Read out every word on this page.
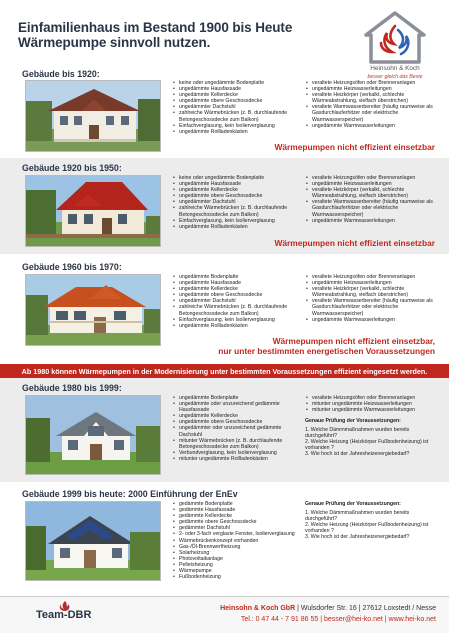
Einfamilienhaus im Bestand 1900 bis Heute
Wärmepumpe sinnvoll nutzen.
Heinsohn & Koch
besser gleich das Beste
Gebäude bis 1920:
• keine oder ungedämmte Bodenplatte
• ungedämmte Hausfassade
• ungedämmte Kellerdecke
• ungedämmte obere Geschossdecke
• ungedämmter Dachstuhl
• zahlreiche Wärmebrücken (z. B. durchlaufende Betongeschossdecke zum Balkon)
• Einfachverglasung, kein Isolierverglasung
• ungedämmte Rollladenkästen
• veraltete Heizungsöfen oder Brenneranlagen
• ungedämmte Heizwasserleitungen
• veraltete Heizkörper (verkalkt, schlechte Wärmeabstrahlung, vielfach überstrichen)
• veraltete Warmwasserbereiter (häufig raumweise als Gasdurchlauferhitzer oder elektrische Warmwasserspeicher)
• ungedämmte Warmwasserleitungen
Wärmepumpen nicht effizient einsetzbar
Gebäude 1920 bis 1950:
• keine oder ungedämmte Bodenplatte
• ungedämmte Hausfassade
• ungedämmte Kellerdecke
• ungedämmte obere Geschossdecke
• ungedämmter Dachstuhl
• zahlreiche Wärmebrücken (z. B. durchlaufende Betongeschossdecke zum Balkon)
• Einfachverglasung, kein Isolierverglasung
• ungedämmte Rollladenkästen
• veraltete Heizungsöfen oder Brenneranlagen
• ungedämmte Heizwasserleitungen
• veraltete Heizkörper (verkalkt, schlechte Wärmeabstrahlung, vielfach überstrichen)
• veraltete Warmwasserbereiter (häufig raumweise als Gasdurchlauferhitzer oder elektrische Warmwasserspeicher)
• ungedämmte Warmwasserleitungen
Wärmepumpen nicht effizient einsetzbar
Gebäude 1960 bis 1970:
• ungedämmte Bodenplatte
• ungedämmte Hausfassade
• ungedämmte Kellerdecke
• ungedämmte obere Geschossdecke
• ungedämmter Dachstuhl
• zahlreiche Wärmebrücken (z. B. durchlaufende Betongeschossdecke zum Balkon)
• Einfachverglasung, kein Isolierverglasung
• ungedämmte Rollladenkästen
• veraltete Heizungsöfen oder Brenneranlagen
• ungedämmte Heizwasserleitungen
• veraltete Heizkörper (verkalkt, schlechte Wärmeabstrahlung, vielfach überstrichen)
• veraltete Warmwasserbereiter (häufig raumweise als Gasdurchlauferhitzer oder elektrische Warmwasserspeicher)
• ungedämmte Warmwasserleitungen
Wärmepumpen nicht effizient einsetzbar,
nur unter bestimmten energetischen Voraussetzungen
Ab 1980 können Wärmepumpen in der Modernisierung unter bestimmten Voraussetzungen effizient eingesetzt werden.
Gebäude 1980 bis 1999:
• ungedämmte Bodenplatte
• ungedämmte oder unzureichend gedämmte Hausfassade
• ungedämmte Kellerdecke
• ungedämmte obere Geschossdecke
• ungedämmter oder unzureichend gedämmte Dachstuhl
• mitunter Wärmebrücken (z. B. durchlaufende Betongeschossdecke zum Balkon)
• Verbundverglasung, kein Isolierverglasung
• mitunter ungedämmte Rollladenkästen
• veraltete Heizungsöfen oder Brenneranlagen
• mitunter ungedämmte Heizwasserleitungen
• mitunter ungedämmte Warmwasserleitungen
Genaue Prüfung der Voraussetzungen:
1. Welche Dämmmaßnahmen wurden bereits durchgeführt?
2. Welche Heizung (Heizkörper Fußbodenheizung) ist vorhanden ?
3. Wie hoch ist der Jahresheizenergiebedarf?
Gebäude 1999 bis heute: 2000 Einführung der EnEv
• gedämmte Bodenplatte
• gedämmte Hausfassade
• gedämmte Kellerdecke
• gedämmte obere Geschossdecke
• gedämmter Dachstuhl
• 2- oder 3-fach verglaste Fenster, Isolierverglasung
• Wärmebrückenkonzept vorhanden
• Gas-/Öl-Brennwertheizung
• Solarheizung
• Photovoltaikanlage
• Pelletsheizung
• Wärmepumpe
• Fußbodenheizung
Genaue Prüfung der Voraussetzungen:
1. Welche Dämmmaßnahmen wurden bereits durchgeführt?
2. Welche Heizung (Heizkörper Fußbodenheizung) ist vorhanden ?
3. Wie hoch ist der Jahresheizenergiebedarf?
Team-DBR
Heinsohn & Koch GbR | Wulsdorfer Str. 16 | 27612 Loxstedt / Nesse
Tel.: 0 47 44 - 7 91 86 55 | besser@hei-ko.net | www.hei-ko.net
